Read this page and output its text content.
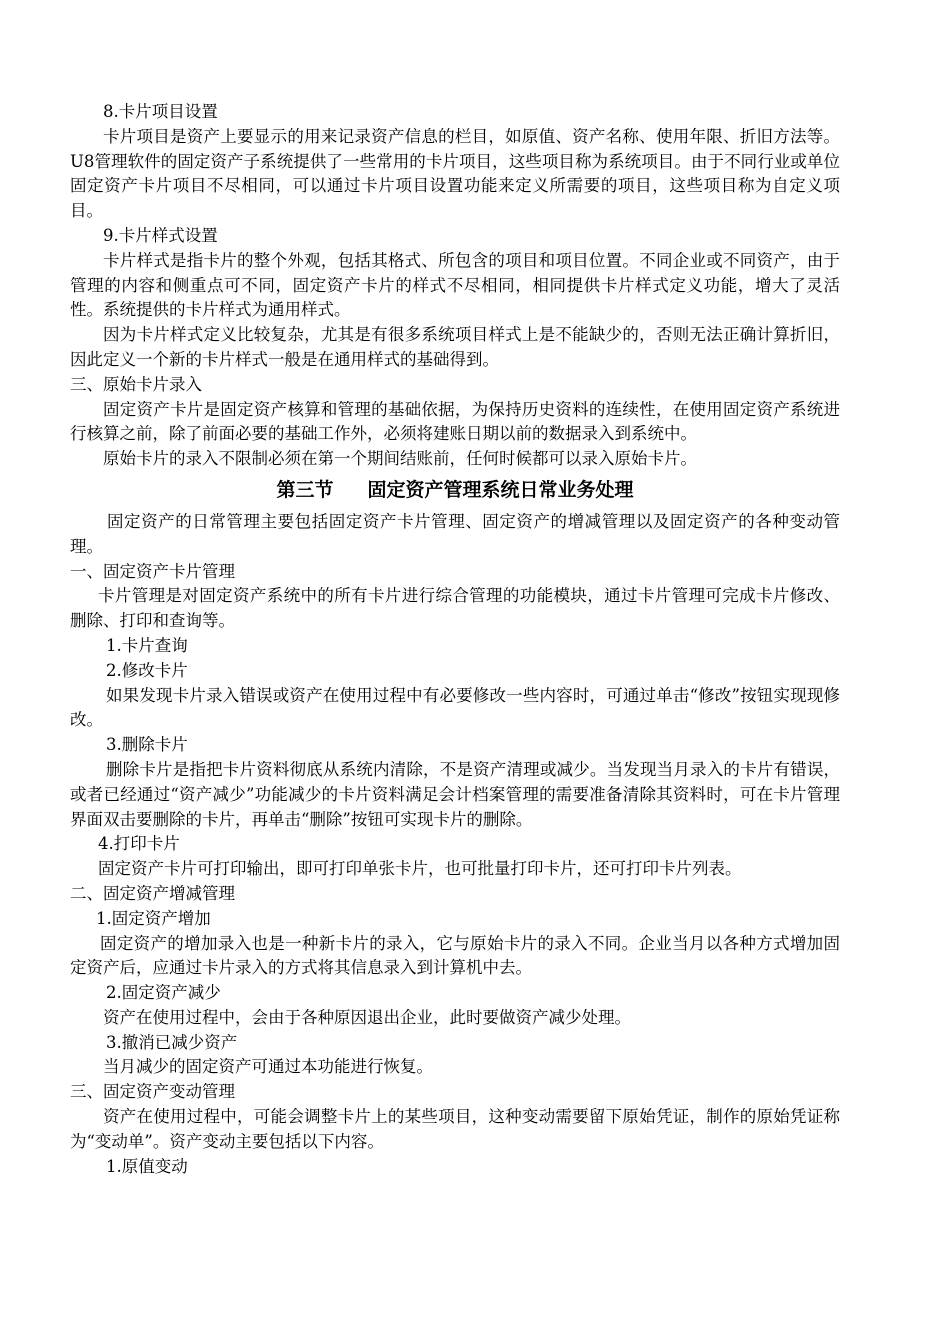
8.卡片项目设置

卡片项目是资产上要显示的用来记录资产信息的栏目，如原值、资产名称、使用年限、折旧方法等。U8管理软件的固定资产子系统提供了一些常用的卡片项目，这些项目称为系统项目。由于不同行业或单位固定资产卡片项目不尽相同，可以通过卡片项目设置功能来定义所需要的项目，这些项目称为自定义项目。

9.卡片样式设置

卡片样式是指卡片的整个外观，包括其格式、所包含的项目和项目位置。不同企业或不同资产，由于管理的内容和侧重点可不同，固定资产卡片的样式不尽相同，相同提供卡片样式定义功能，增大了灵活性。系统提供的卡片样式为通用样式。

因为卡片样式定义比较复杂，尤其是有很多系统项目样式上是不能缺少的，否则无法正确计算折旧，因此定义一个新的卡片样式一般是在通用样式的基础得到。

三、原始卡片录入

固定资产卡片是固定资产核算和管理的基础依据，为保持历史资料的连续性，在使用固定资产系统进行核算之前，除了前面必要的基础工作外，必须将建账日期以前的数据录入到系统中。

原始卡片的录入不限制必须在第一个期间结账前，任何时候都可以录入原始卡片。

第三节 固定资产管理系统日常业务处理

固定资产的日常管理主要包括固定资产卡片管理、固定资产的增减管理以及固定资产的各种变动管理。

一、固定资产卡片管理

卡片管理是对固定资产系统中的所有卡片进行综合管理的功能模块，通过卡片管理可完成卡片修改、删除、打印和查询等。

1.卡片查询

2.修改卡片

如果发现卡片录入错误或资产在使用过程中有必要修改一些内容时，可通过单击“修改”按钮实现现修改。

3.删除卡片

删除卡片是指把卡片资料彻底从系统内清除，不是资产清理或减少。当发现当月录入的卡片有错误，或者已经通过“资产减少”功能减少的卡片资料满足会计档案管理的需要准备清除其资料时，可在卡片管理界面双击要删除的卡片，再单击“删除”按钮可实现卡片的删除。

4.打印卡片

固定资产卡片可打印输出，即可打印单张卡片，也可批量打印卡片，还可打印卡片列表。

二、固定资产增减管理

1.固定资产增加

固定资产的增加录入也是一种新卡片的录入，它与原始卡片的录入不同。企业当月以各种方式增加固定资产后，应通过卡片录入的方式将其信息录入到计算机中去。

2.固定资产减少

资产在使用过程中，会由于各种原因退出企业，此时要做资产减少处理。

3.撤消已减少资产

当月减少的固定资产可通过本功能进行恢复。

三、固定资产变动管理

资产在使用过程中，可能会调整卡片上的某些项目，这种变动需要留下原始凭证，制作的原始凭证称为“变动单”。资产变动主要包括以下内容。

1.原值变动
